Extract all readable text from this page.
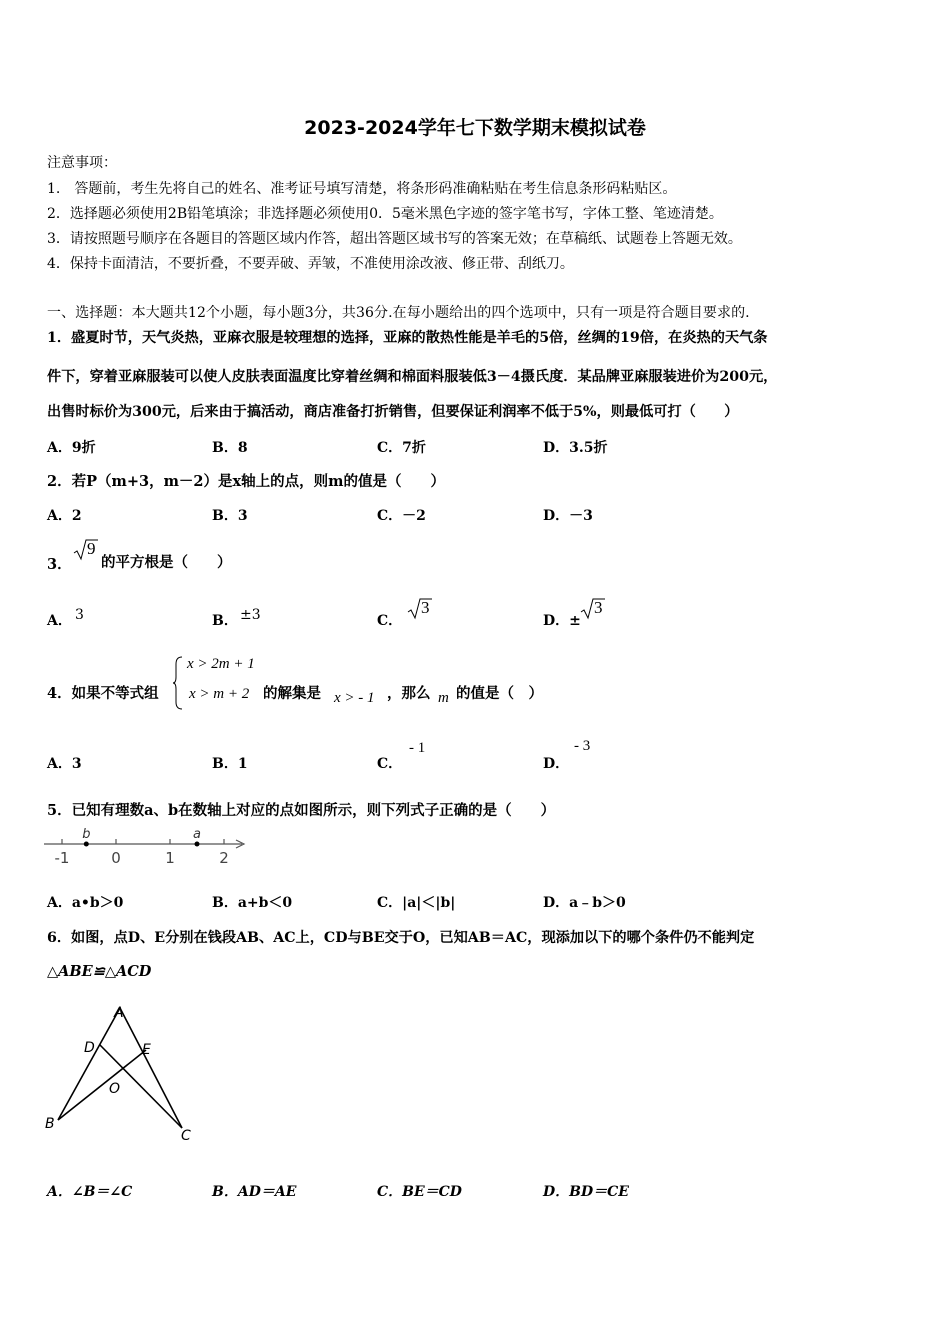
2023-2024学年七下数学期末模拟试卷
注意事项：
1.　答题前，考生先将自己的姓名、准考证号填写清楚，将条形码准确粘贴在考生信息条形码粘贴区。
2．选择题必须使用2B铅笔填涂；非选择题必须使用0．5毫米黑色字迹的签字笔书写，字体工整、笔迹清楚。
3．请按照题号顺序在各题目的答题区域内作答，超出答题区域书写的答案无效；在草稿纸、试题卷上答题无效。
4．保持卡面清洁，不要折叠，不要弄破、弄皱，不准使用涂改液、修正带、刮纸刀。
一、选择题：本大题共12个小题，每小题3分，共36分.在每小题给出的四个选项中，只有一项是符合题目要求的.
1．盛夏时节，天气炎热，亚麻衣服是较理想的选择，亚麻的散热性能是羊毛的5倍，丝绸的19倍，在炎热的天气条
件下，穿着亚麻服装可以使人皮肤表面温度比穿着丝绸和棉面料服装低3－4摄氏度．某品牌亚麻服装进价为200元，
出售时标价为300元，后来由于搞活动，商店准备打折销售，但要保证利润率不低于5%，则最低可打（　　）
A．9折	B．8	C．7折	D．3.5折
2．若P（m+3，m－2）是x轴上的点，则m的值是（　　）
A．2	B．3	C．－2	D．－3
3．
9
的平方根是（　　）
A． 3	B． ±3	C．
3
D．±
3
4．如果不等式组
x > 2m + 1
x > m + 2 的解集是 x > - 1 ，那么 m 的值是（　）
A．3	B．1	C．
- 1
D．
- 3
5．已知有理数a、b在数轴上对应的点如图所示，则下列式子正确的是（　　）
-1	0	1	2
b	a
A．a•b＞0	B．a+b＜0	C．|a|＜|b|	D．a﹣b＞0
6．如图，点D、E分别在钱段AB、AC上，CD与BE交于O，已知AB＝AC，现添加以下的哪个条件仍不能判定
△ABE≌△ACD
A
D	E
O
B
C
A．∠B＝∠C	B．AD＝AE	C．BE＝CD	D．BD＝CE
